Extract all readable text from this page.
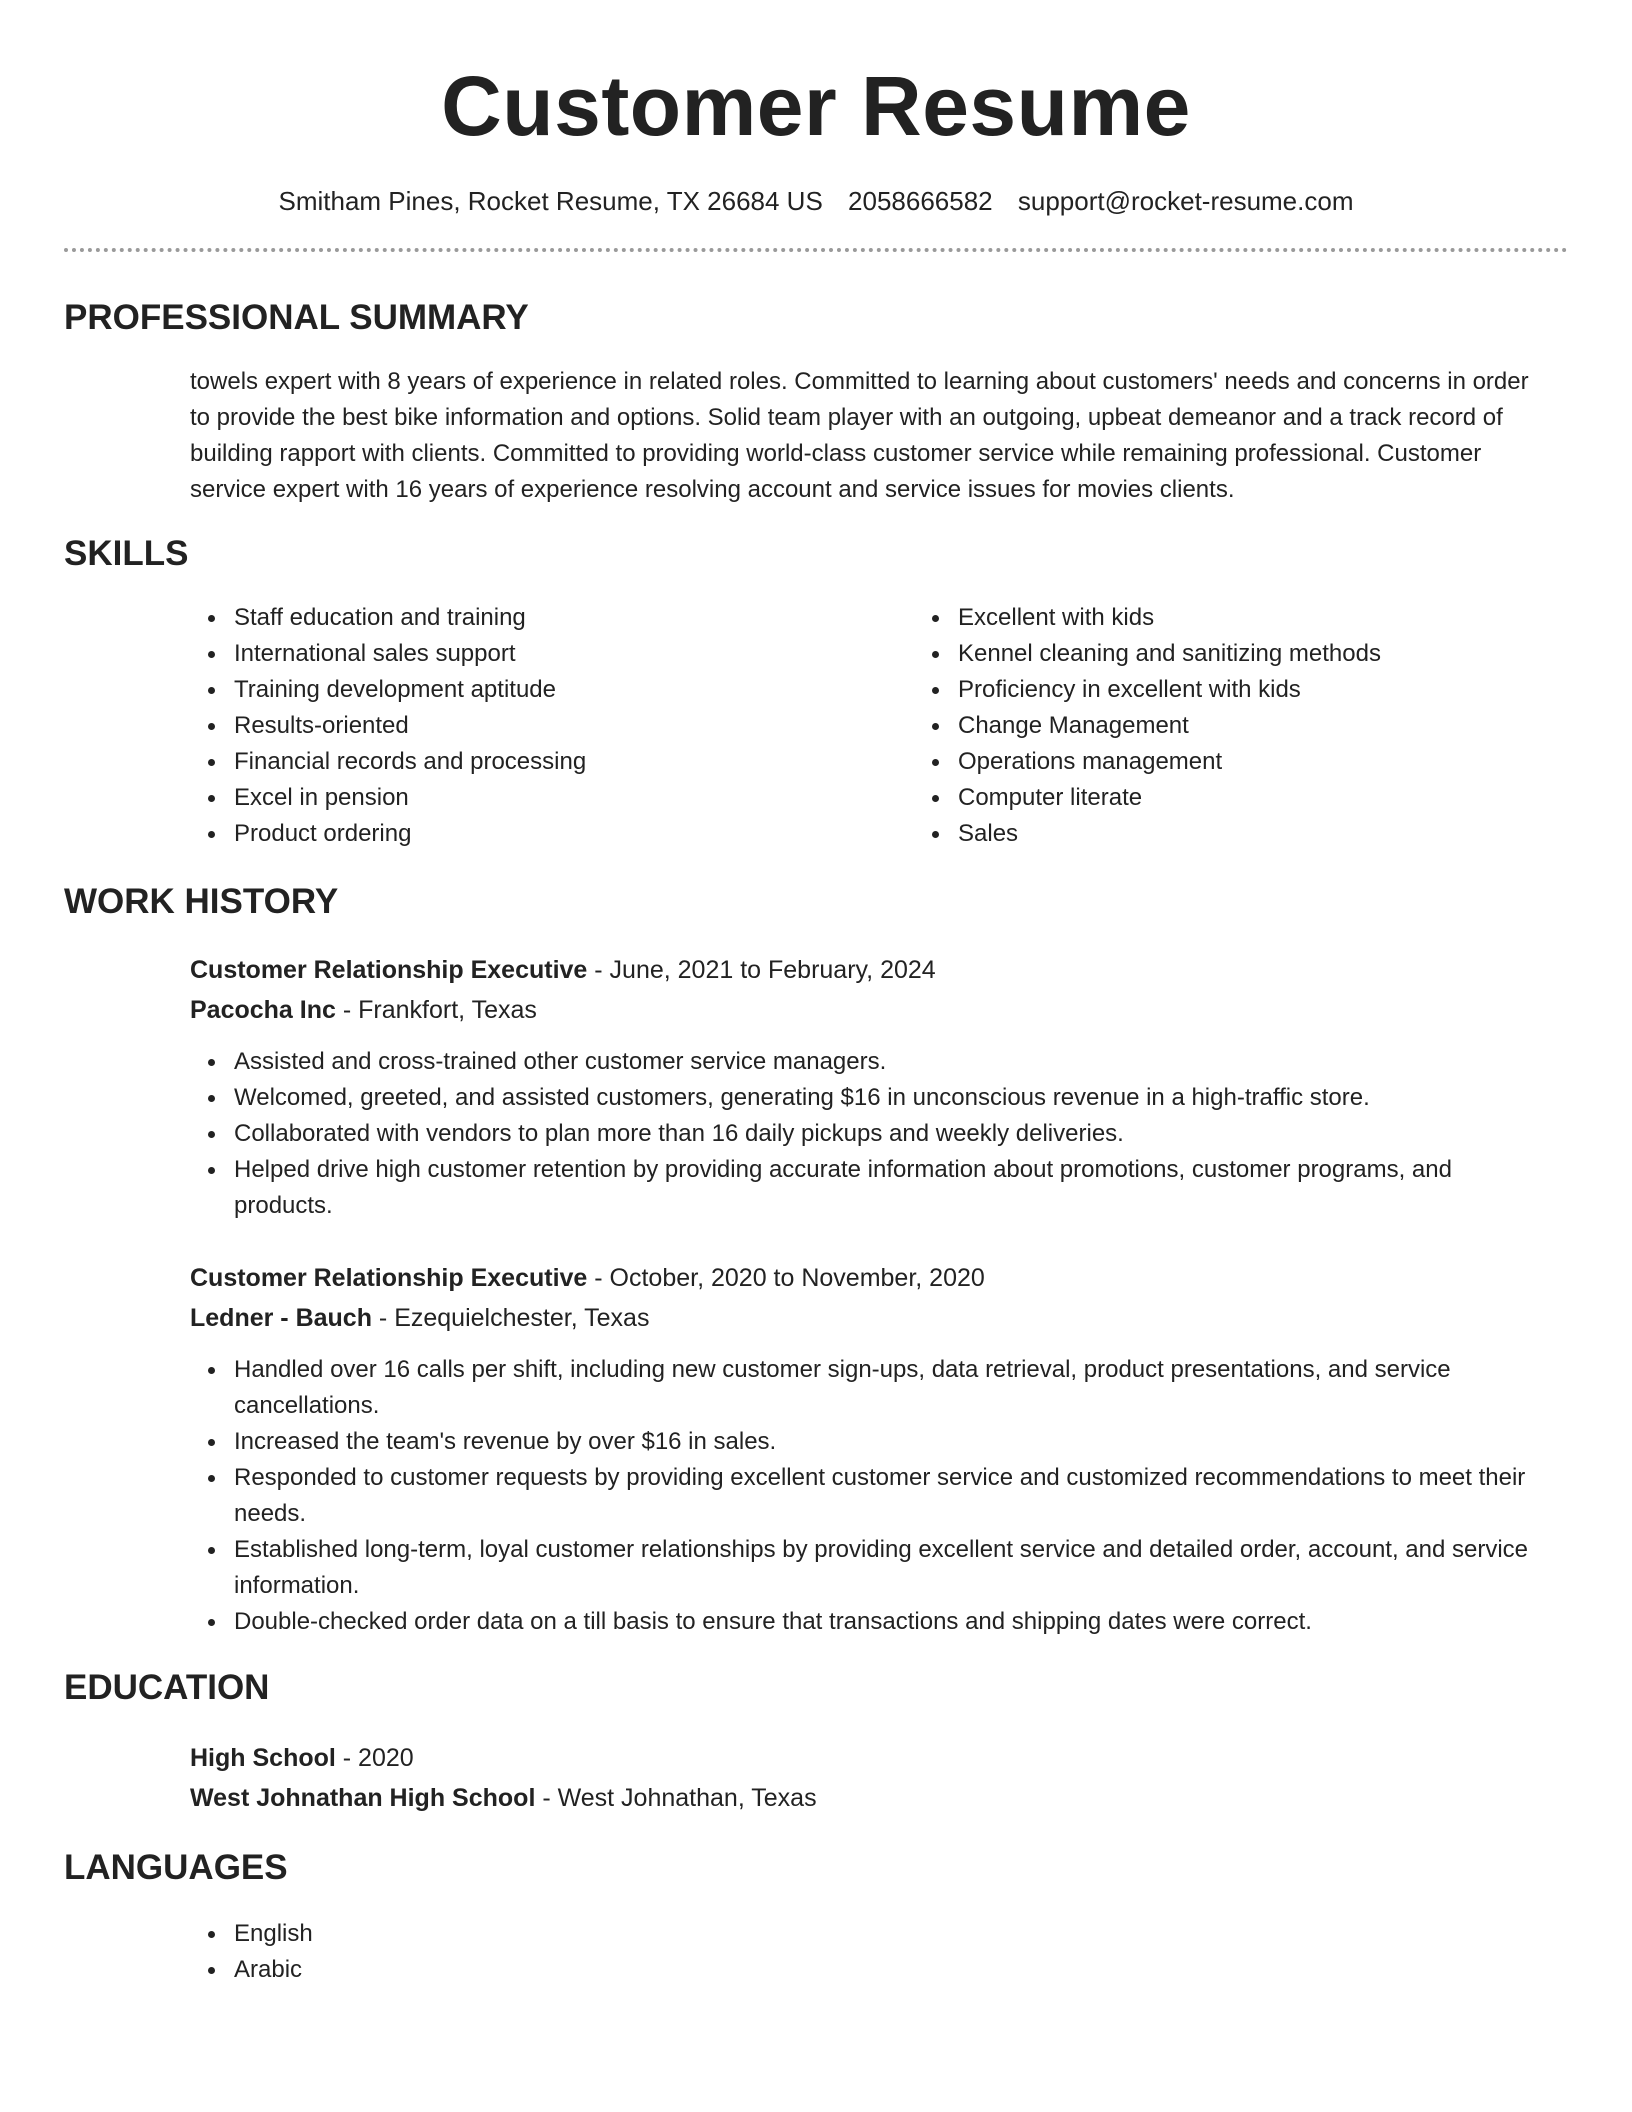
Customer Resume
Smitham Pines, Rocket Resume, TX 26684 US 2058666582 support@rocket-resume.com
PROFESSIONAL SUMMARY

towels expert with 8 years of experience in related roles. Committed to learning about customers' needs and concerns in order to provide the best bike information and options. Solid team player with an outgoing, upbeat demeanor and a track record of building rapport with clients. Committed to providing world-class customer service while remaining professional. Customer service expert with 16 years of experience resolving account and service issues for movies clients.

SKILLS
Staff education and training
International sales support
Training development aptitude
Results-oriented
Financial records and processing
Excel in pension
Product ordering
Excellent with kids
Kennel cleaning and sanitizing methods
Proficiency in excellent with kids
Change Management
Operations management
Computer literate
Sales
WORK HISTORY
Customer Relationship Executive - June, 2021 to February, 2024
Pacocha Inc - Frankfort, Texas
Assisted and cross-trained other customer service managers.
Welcomed, greeted, and assisted customers, generating $16 in unconscious revenue in a high-traffic store.
Collaborated with vendors to plan more than 16 daily pickups and weekly deliveries.
Helped drive high customer retention by providing accurate information about promotions, customer programs, and products.
Customer Relationship Executive - October, 2020 to November, 2020
Ledner - Bauch - Ezequielchester, Texas
Handled over 16 calls per shift, including new customer sign-ups, data retrieval, product presentations, and service cancellations.
Increased the team's revenue by over $16 in sales.
Responded to customer requests by providing excellent customer service and customized recommendations to meet their needs.
Established long-term, loyal customer relationships by providing excellent service and detailed order, account, and service information.
Double-checked order data on a till basis to ensure that transactions and shipping dates were correct.
EDUCATION
High School - 2020
West Johnathan High School - West Johnathan, Texas
LANGUAGES
English
Arabic
